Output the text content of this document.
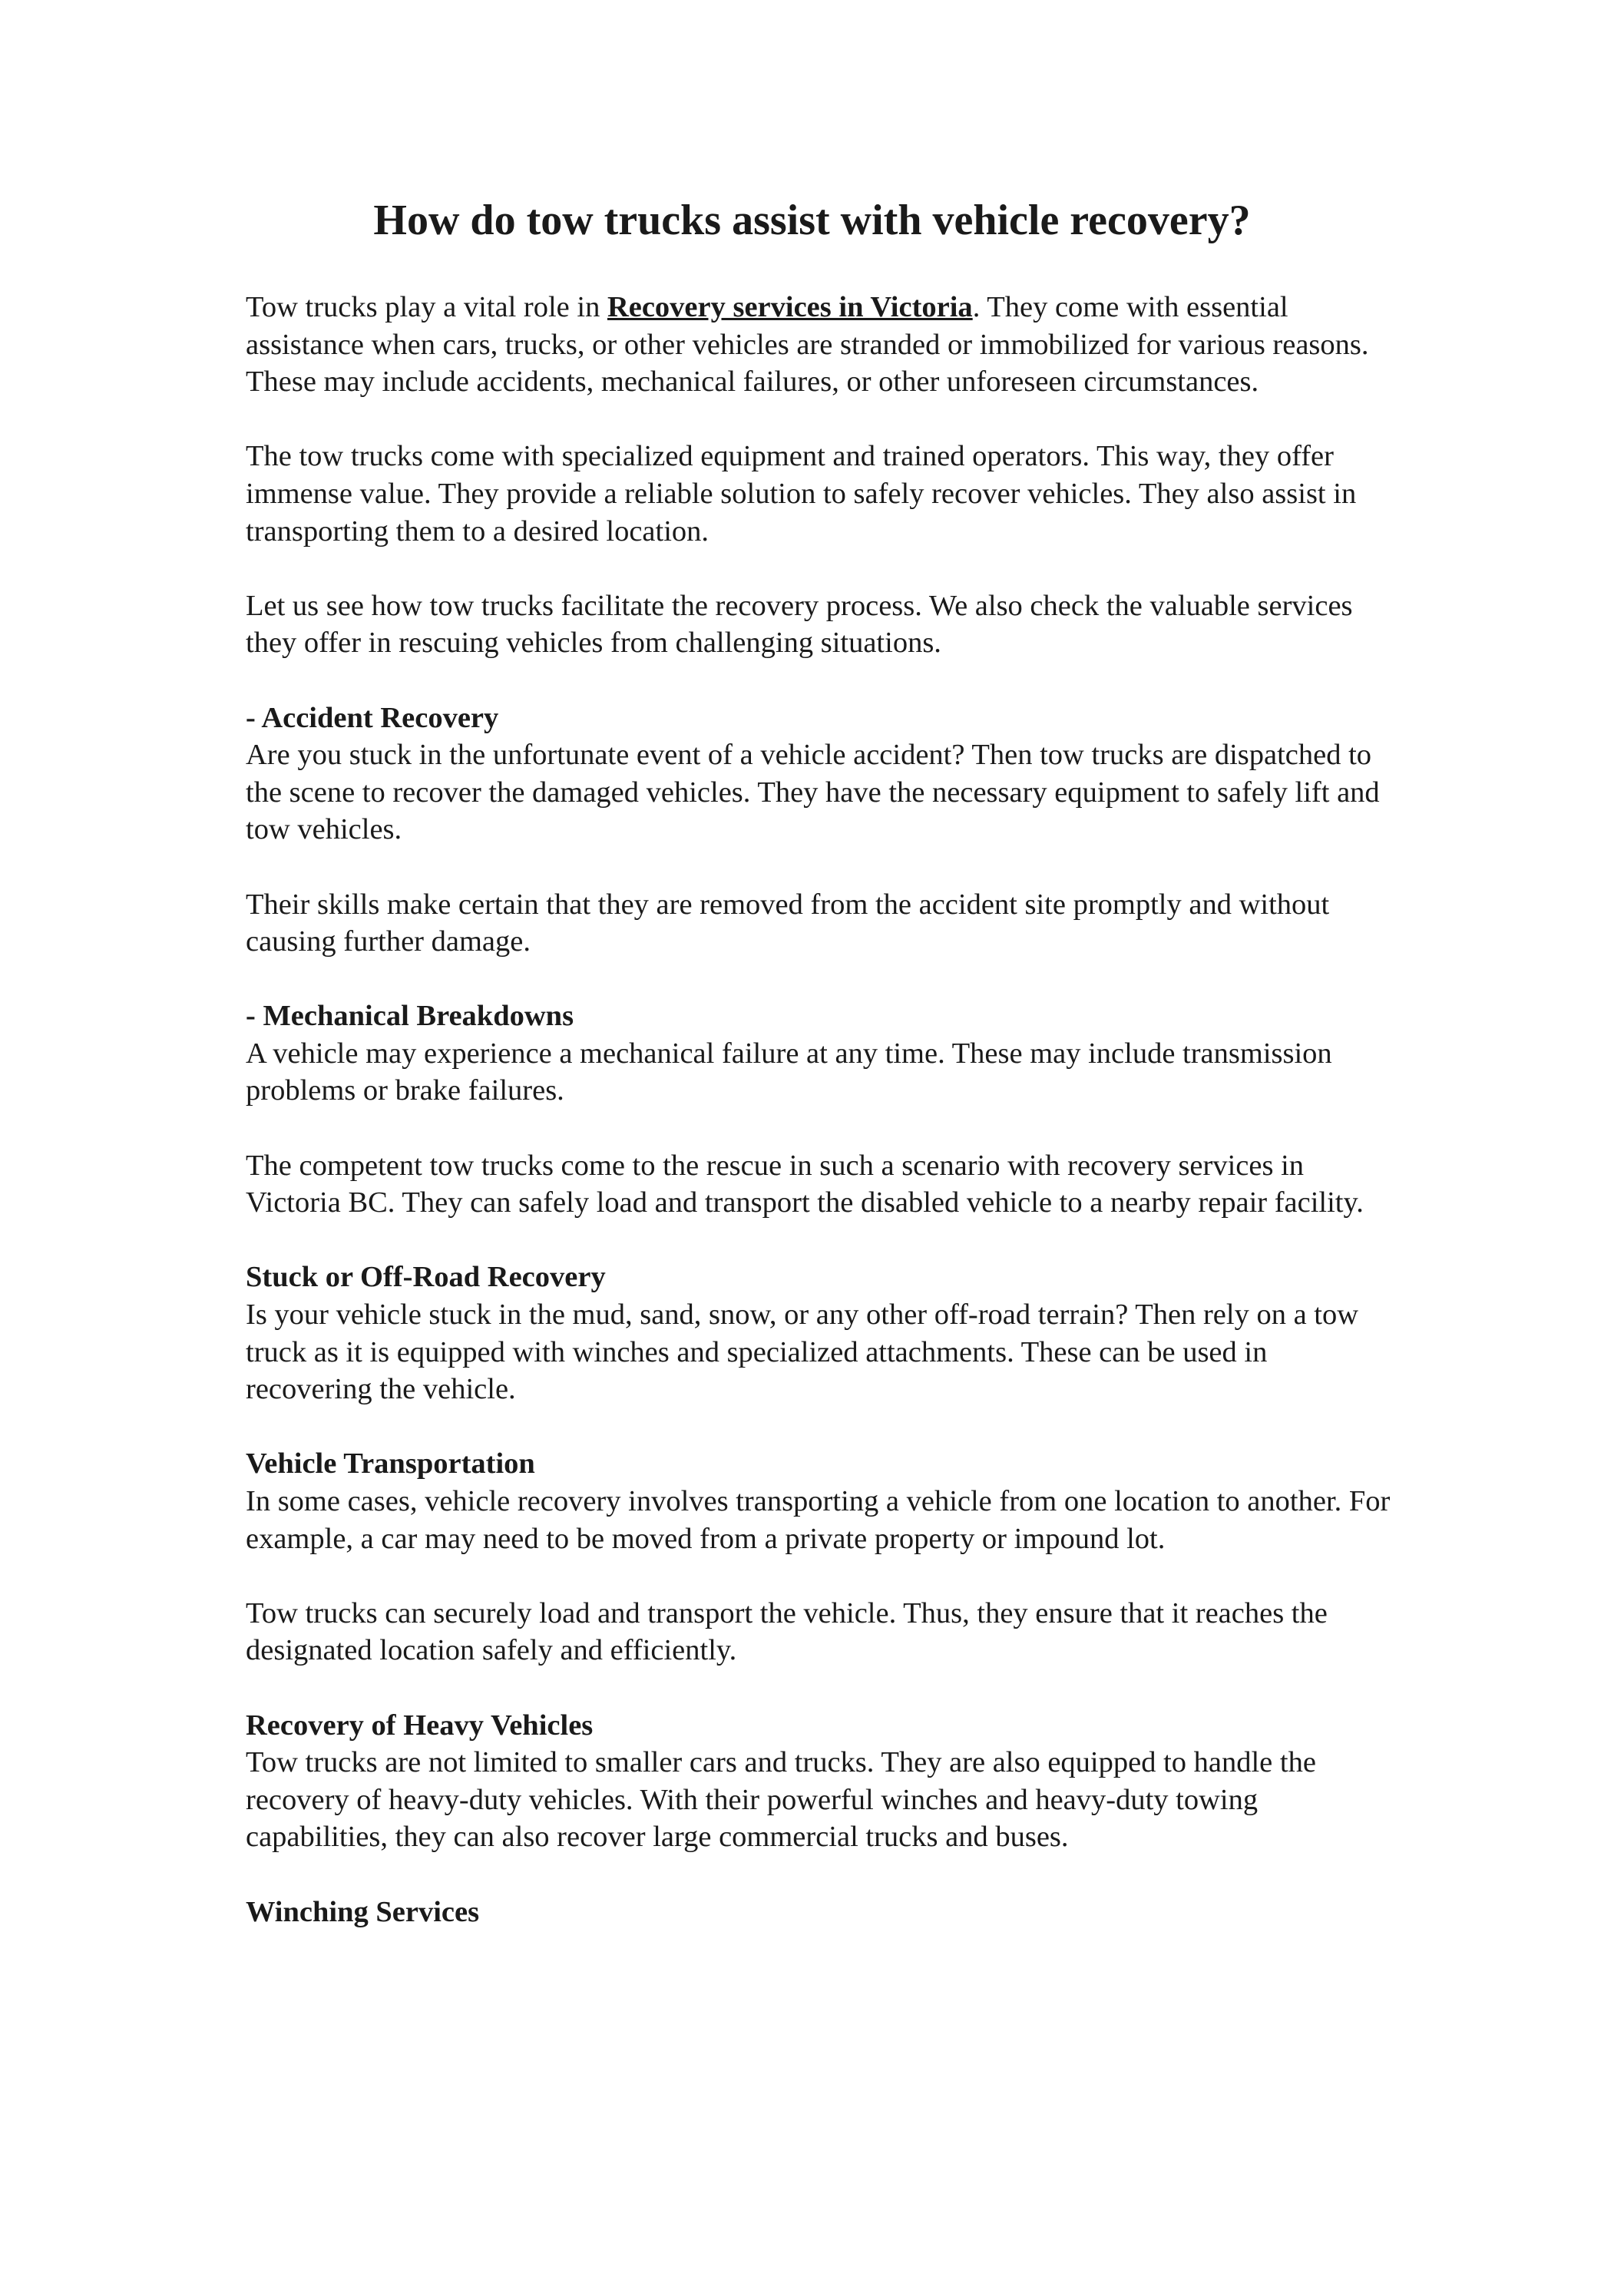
How do tow trucks assist with vehicle recovery?

Tow trucks play a vital role in Recovery services in Victoria. They come with essential assistance when cars, trucks, or other vehicles are stranded or immobilized for various reasons. These may include accidents, mechanical failures, or other unforeseen circumstances.

The tow trucks come with specialized equipment and trained operators. This way, they offer immense value. They provide a reliable solution to safely recover vehicles. They also assist in transporting them to a desired location.

Let us see how tow trucks facilitate the recovery process. We also check the valuable services they offer in rescuing vehicles from challenging situations.

- Accident Recovery

Are you stuck in the unfortunate event of a vehicle accident? Then tow trucks are dispatched to the scene to recover the damaged vehicles. They have the necessary equipment to safely lift and tow vehicles.

Their skills make certain that they are removed from the accident site promptly and without causing further damage.

- Mechanical Breakdowns

A vehicle may experience a mechanical failure at any time. These may include transmission problems or brake failures.

The competent tow trucks come to the rescue in such a scenario with recovery services in Victoria BC. They can safely load and transport the disabled vehicle to a nearby repair facility.

Stuck or Off-Road Recovery

Is your vehicle stuck in the mud, sand, snow, or any other off-road terrain? Then rely on a tow truck as it is equipped with winches and specialized attachments. These can be used in recovering the vehicle.

Vehicle Transportation

In some cases, vehicle recovery involves transporting a vehicle from one location to another. For example, a car may need to be moved from a private property or impound lot.

Tow trucks can securely load and transport the vehicle. Thus, they ensure that it reaches the designated location safely and efficiently.

Recovery of Heavy Vehicles

Tow trucks are not limited to smaller cars and trucks. They are also equipped to handle the recovery of heavy-duty vehicles. With their powerful winches and heavy-duty towing capabilities, they can also recover large commercial trucks and buses.

Winching Services
